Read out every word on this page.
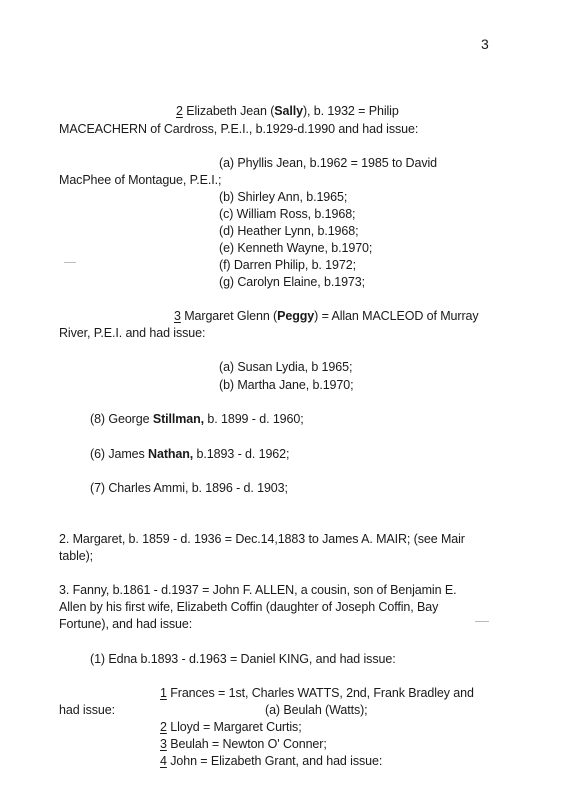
3
2 Elizabeth Jean (Sally), b. 1932 = Philip
MACEACHERN of Cardross, P.E.I., b.1929-d.1990 and had issue:
(a) Phyllis Jean, b.1962 = 1985 to David
MacPhee of Montague, P.E.I.;
(b) Shirley Ann, b.1965;
(c) William Ross, b.1968;
(d) Heather Lynn, b.1968;
(e) Kenneth Wayne, b.1970;
(f) Darren Philip, b. 1972;
(g) Carolyn Elaine, b.1973;
3 Margaret Glenn (Peggy) = Allan MACLEOD of Murray
River, P.E.I. and had issue:
(a) Susan Lydia, b 1965;
(b) Martha Jane, b.1970;
(8) George Stillman, b. 1899 - d. 1960;
(6) James Nathan, b.1893 - d. 1962;
(7) Charles Ammi, b. 1896 - d. 1903;
2. Margaret, b. 1859 - d. 1936 = Dec.14,1883 to James A. MAIR; (see Mair
table);
3. Fanny, b.1861 - d.1937 = John F. ALLEN, a cousin, son of Benjamin E.
Allen by his first wife, Elizabeth Coffin (daughter of Joseph Coffin, Bay
Fortune), and had issue:
(1) Edna b.1893 - d.1963 = Daniel KING, and had issue:
1 Frances = 1st, Charles WATTS, 2nd, Frank Bradley and
had issue:	(a) Beulah (Watts);
2 Lloyd = Margaret Curtis;
3 Beulah = Newton O' Conner;
4 John = Elizabeth Grant, and had issue:
